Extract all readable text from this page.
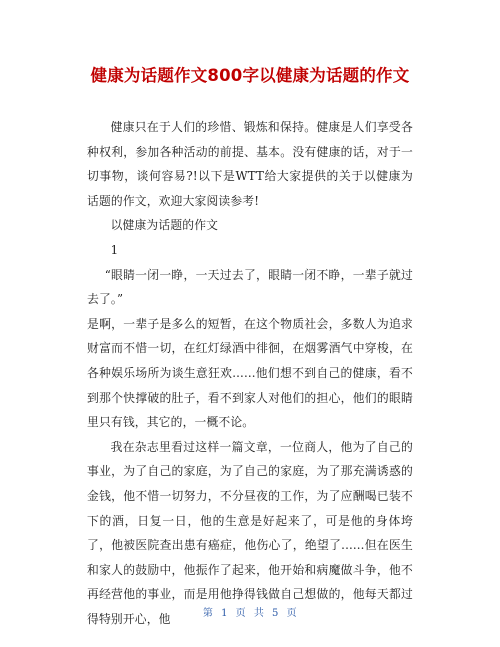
健康为话题作文800字以健康为话题的作文

健康只在于人们的珍惜、锻炼和保持。健康是人们享受各种权利，参加各种活动的前提、基本。没有健康的话，对于一切事物，谈何容易?!以下是WTT给大家提供的关于以健康为话题的作文，欢迎大家阅读参考!

以健康为话题的作文

1

“眼睛一闭一睁，一天过去了，眼睛一闭不睁，一辈子就过去了。”

是啊，一辈子是多么的短暂，在这个物质社会，多数人为追求财富而不惜一切，在红灯绿酒中徘徊，在烟雾酒气中穿梭，在各种娱乐场所为谈生意狂欢......他们想不到自己的健康，看不到那个快撑破的肚子，看不到家人对他们的担心，他们的眼睛里只有钱，其它的，一概不论。

我在杂志里看过这样一篇文章，一位商人，他为了自己的事业，为了自己的家庭，为了自己的家庭，为了那充满诱惑的金钱，他不惜一切努力，不分昼夜的工作，为了应酬喝已装不下的酒，日复一日，他的生意是好起来了，可是他的身体垮了，他被医院查出患有癌症，他伤心了，绝望了......但在医生和家人的鼓励中，他振作了起来，他开始和病魔做斗争，他不再经营他的事业，而是用他挣得钱做自己想做的，他每天都过得特别开心，他	第 1 页 共 5 页
